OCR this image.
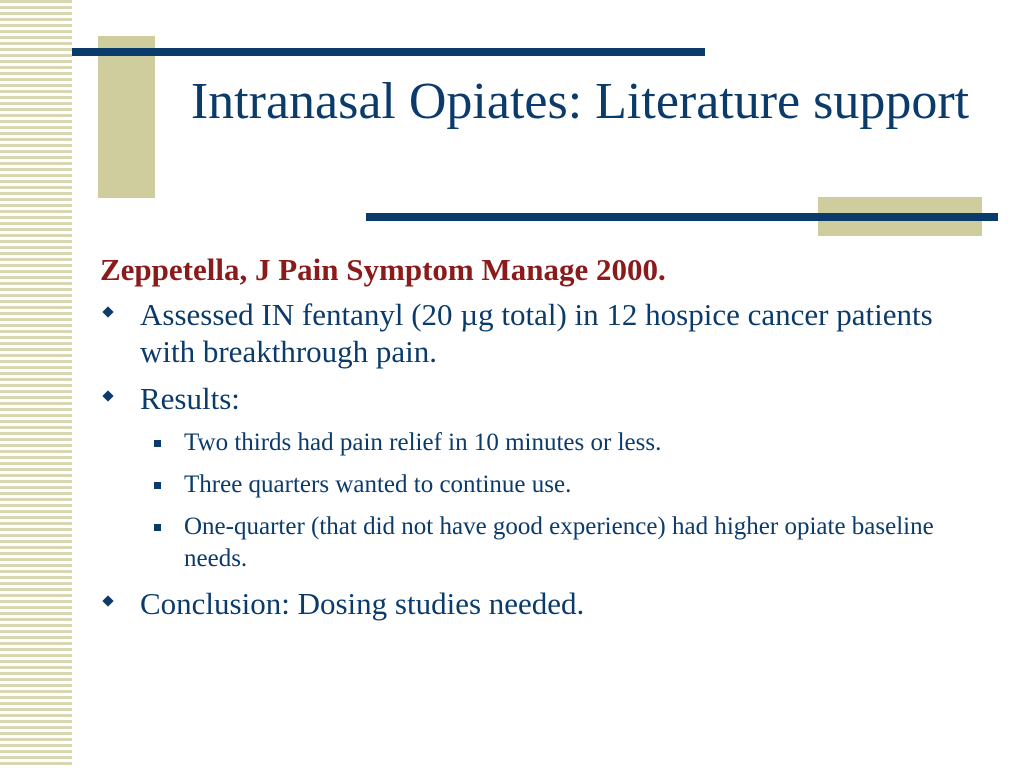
Intranasal Opiates: Literature support

Zeppetella, J Pain Symptom Manage 2000.

Assessed IN fentanyl (20 µg total) in 12 hospice cancer patients with breakthrough pain.
Results:
Two thirds had pain relief in 10 minutes or less.
Three quarters wanted to continue use.
One-quarter (that did not have good experience) had higher opiate baseline needs.
Conclusion: Dosing studies needed.
